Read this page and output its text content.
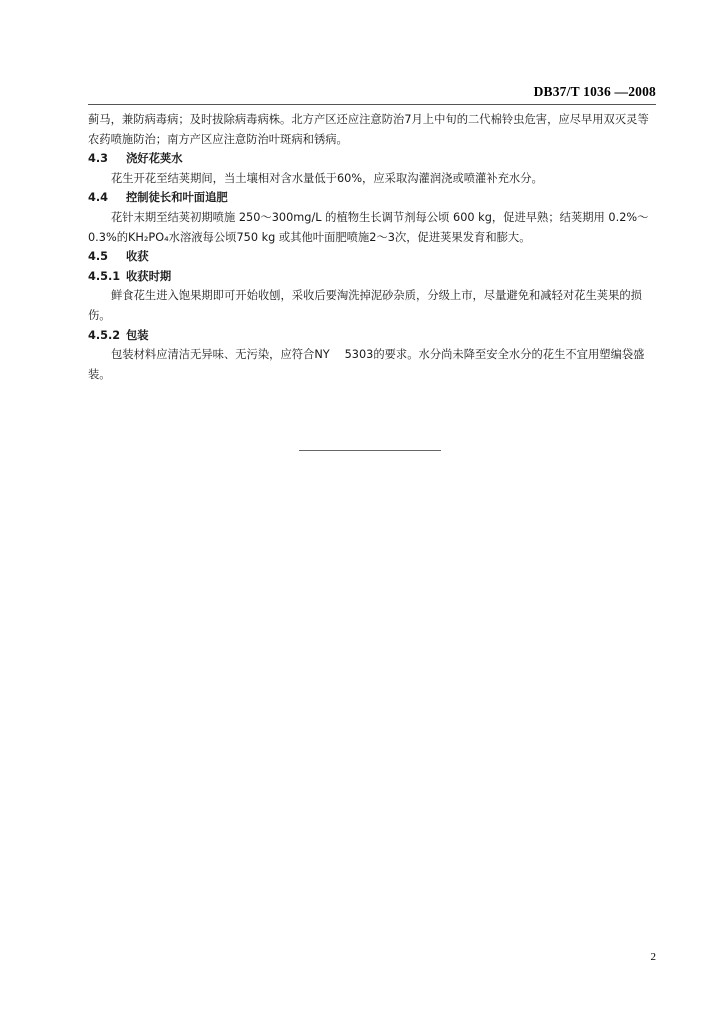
DB37/T 1036 —2008

蓟马，兼防病毒病；及时拔除病毒病株。北方产区还应注意防治7月上中旬的二代棉铃虫危害，应尽早用双灭灵等农药喷施防治；南方产区应注意防治叶斑病和锈病。

4.3 浇好花荚水

花生开花至结荚期间，当土壤相对含水量低于60%，应采取沟灌润浇或喷灌补充水分。

4.4 控制徒长和叶面追肥

花针末期至结荚初期喷施 250～300mg/L 的植物生长调节剂每公顷 600 kg，促进早熟；结荚期用 0.2%～0.3%的KH₂PO₄水溶液每公顷750 kg 或其他叶面肥喷施2～3次，促进荚果发育和膨大。

4.5 收获

4.5.1 收获时期

鲜食花生进入饱果期即可开始收刨，采收后要淘洗掉泥砂杂质，分级上市，尽量避免和减轻对花生荚果的损伤。

4.5.2 包装

包装材料应清洁无异味、无污染，应符合NY　 5303的要求。水分尚未降至安全水分的花生不宜用塑编袋盛装。

2
